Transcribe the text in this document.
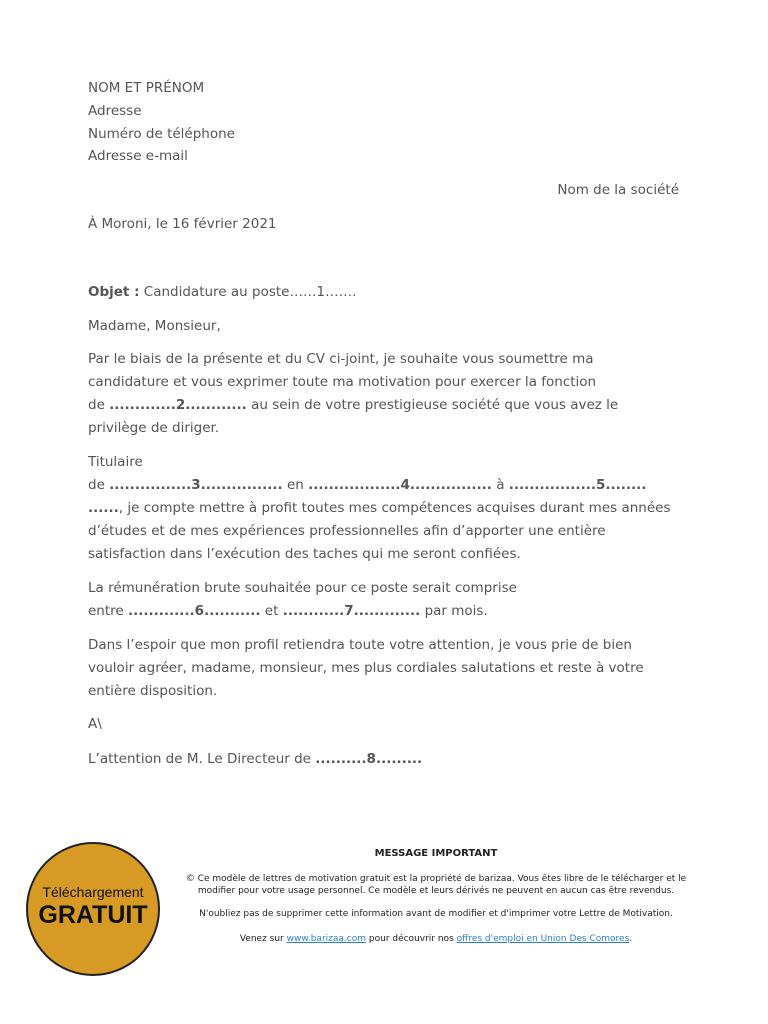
NOM ET PRÉNOM
Adresse
Numéro de téléphone
Adresse e-mail
Nom de la société
À Moroni, le 16 février 2021
Objet : Candidature au poste……1…….
Madame, Monsieur,
Par le biais de la présente et du CV ci-joint, je souhaite vous soumettre ma
candidature et vous exprimer toute ma motivation pour exercer la fonction
de .............2............ au sein de votre prestigieuse société que vous avez le
privilège de diriger.
Titulaire
de ................3................ en ..................4................ à .................5........
......, je compte mettre à profit toutes mes compétences acquises durant mes années
d’études et de mes expériences professionnelles afin d’apporter une entière
satisfaction dans l’exécution des taches qui me seront confiées.
La rémunération brute souhaitée pour ce poste serait comprise
entre .............6........... et ............7............. par mois.
Dans l’espoir que mon profil retiendra toute votre attention, je vous prie de bien
vouloir agréer, madame, monsieur, mes plus cordiales salutations et reste à votre
entière disposition.
A\
L’attention de M. Le Directeur de ..........8.........
Téléchargement
GRATUIT
MESSAGE IMPORTANT
© Ce modèle de lettres de motivation gratuit est la propriété de barizaa. Vous êtes libre de le télécharger et le
modifier pour votre usage personnel. Ce modèle et leurs dérivés ne peuvent en aucun cas être revendus.
N'oubliez pas de supprimer cette information avant de modifier et d'imprimer votre Lettre de Motivation.
Venez sur www.barizaa.com pour découvrir nos offres d'emploi en Union Des Comores.
